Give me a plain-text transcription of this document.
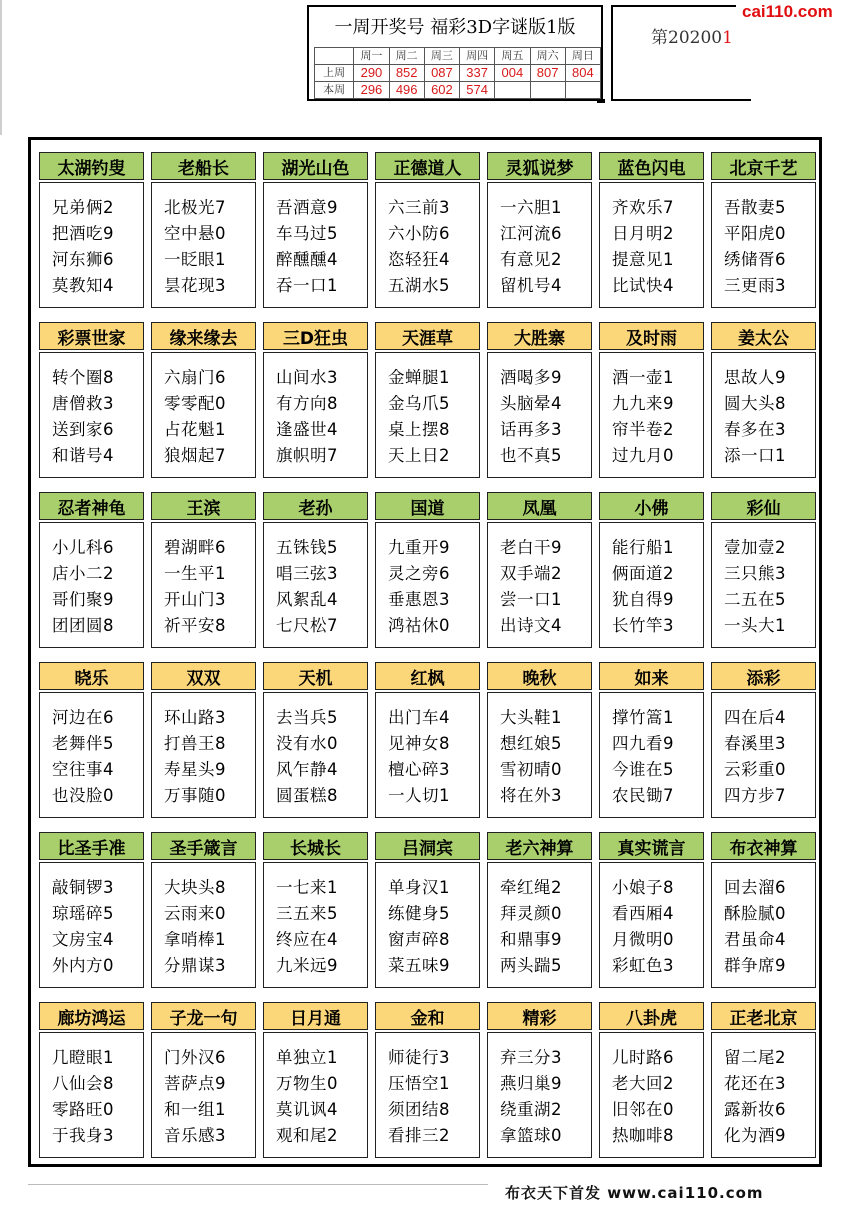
一周开奖号 福彩3D字谜版1版
	周一	周二	周三	周四	周五	周六	周日
上周	290	852	087	337	004	807	804
本周	296	496	602	574			
第202001
cai110.com
太湖钓叟
兄弟俩2
把酒吃9
河东狮6
莫教知4
老船长
北极光7
空中悬0
一眨眼1
昙花现3
湖光山色
吾酒意9
车马过5
醉醺醺4
吞一口1
正德道人
六三前3
六小防6
恣轻狂4
五湖水5
灵狐说梦
一六胆1
江河流6
有意见2
留机号4
蓝色闪电
齐欢乐7
日月明2
提意见1
比试快4
北京千艺
吾散妻5
平阳虎0
绣储胥6
三更雨3
彩票世家
转个圈8
唐僧救3
送到家6
和谐号4
缘来缘去
六扇门6
零零配0
占花魁1
狼烟起7
三D狂虫
山间水3
有方向8
逢盛世4
旗帜明7
天涯草
金蝉腿1
金乌爪5
桌上摆8
天上日2
大胜寨
酒喝多9
头脑晕4
话再多3
也不真5
及时雨
酒一壶1
九九来9
帘半卷2
过九月0
姜太公
思故人9
圆大头8
春多在3
添一口1
忍者神龟
小儿科6
店小二2
哥们聚9
团团圆8
王滨
碧湖畔6
一生平1
开山门3
祈平安8
老孙
五铢钱5
唱三弦3
风絮乱4
七尺松7
国道
九重开9
灵之旁6
垂惠恩3
鸿祜休0
凤凰
老白干9
双手端2
尝一口1
出诗文4
小佛
能行船1
俩面道2
犹自得9
长竹竿3
彩仙
壹加壹2
三只熊3
二五在5
一头大1
晓乐
河边在6
老舞伴5
空往事4
也没脸0
双双
环山路3
打兽王8
寿星头9
万事随0
天机
去当兵5
没有水0
风乍静4
圆蛋糕8
红枫
出门车4
见神女8
檀心碎3
一人切1
晚秋
大头鞋1
想红娘5
雪初晴0
将在外3
如来
撑竹篙1
四九看9
今谁在5
农民锄7
添彩
四在后4
春溪里3
云彩重0
四方步7
比圣手准
敲铜锣3
琼瑶碎5
文房宝4
外内方0
圣手箴言
大块头8
云雨来0
拿哨棒1
分鼎谋3
长城长
一七来1
三五来5
终应在4
九米远9
吕洞宾
单身汉1
练健身5
窗声碎8
菜五味9
老六神算
牵红绳2
拜灵颜0
和鼎事9
两头踹5
真实谎言
小娘子8
看西厢4
月微明0
彩虹色3
布衣神算
回去溜6
酥脸腻0
君虽命4
群争席9
廊坊鸿运
几瞪眼1
八仙会8
零路旺0
于我身3
子龙一句
门外汉6
菩萨点9
和一组1
音乐感3
日月通
单独立1
万物生0
莫讥讽4
观和尾2
金和
师徒行3
压悟空1
须团结8
看排三2
精彩
弃三分3
燕归巢9
绕重湖2
拿篮球0
八卦虎
儿时路6
老大回2
旧邻在0
热咖啡8
正老北京
留二尾2
花还在3
露新妆6
化为酒9
布衣天下首发 www.cai110.com
